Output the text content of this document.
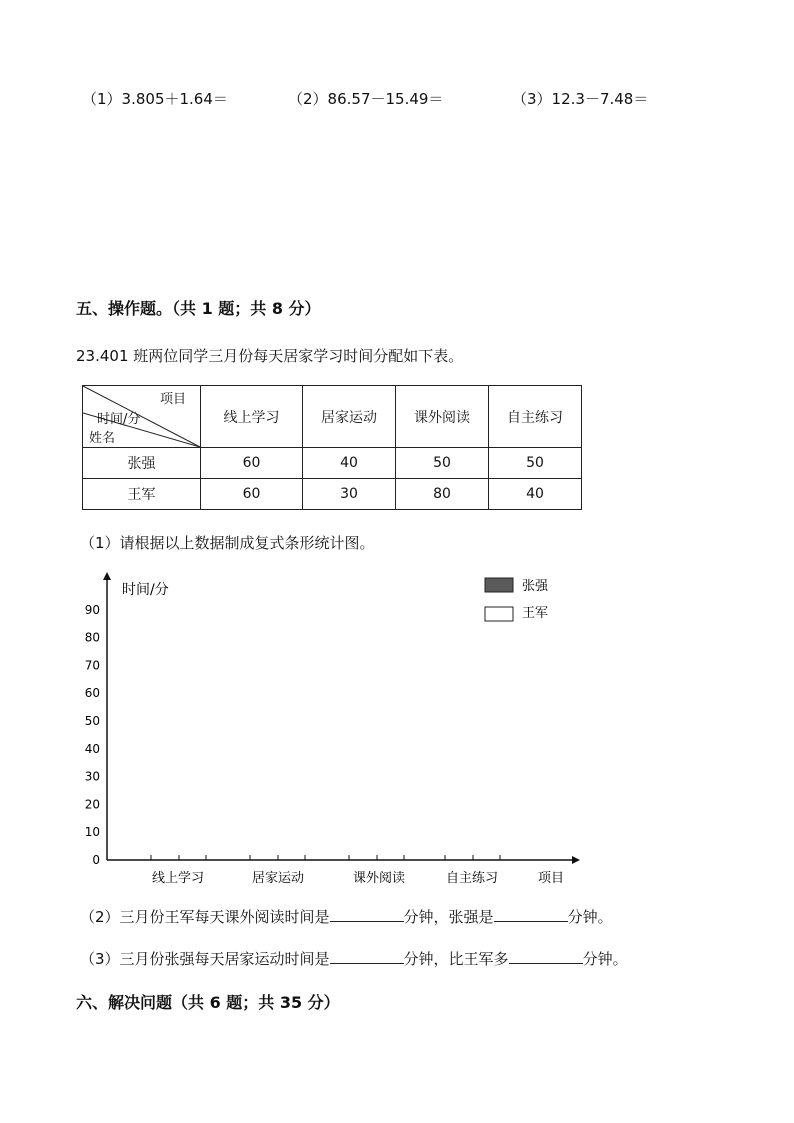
（1）3.805＋1.64＝	（2）86.57－15.49＝	（3）12.3－7.48＝
五、操作题。（共 1 题；共 8 分）
23.401 班两位同学三月份每天居家学习时间分配如下表。
项目
时间/分
姓名	线上学习	居家运动	课外阅读	自主练习
张强	60	40	50	50
王军	60	30	80	40
（1）请根据以上数据制成复式条形统计图。
0
10
20
30
40
50
60
70
80
90
线上学习	居家运动	课外阅读	自主练习
时间/分
项目
张强
王军
（2）三月份王军每天课外阅读时间是	分钟，张强是	分钟。
（3）三月份张强每天居家运动时间是	分钟，比王军多	分钟。
六、解决问题（共 6 题；共 35 分）
